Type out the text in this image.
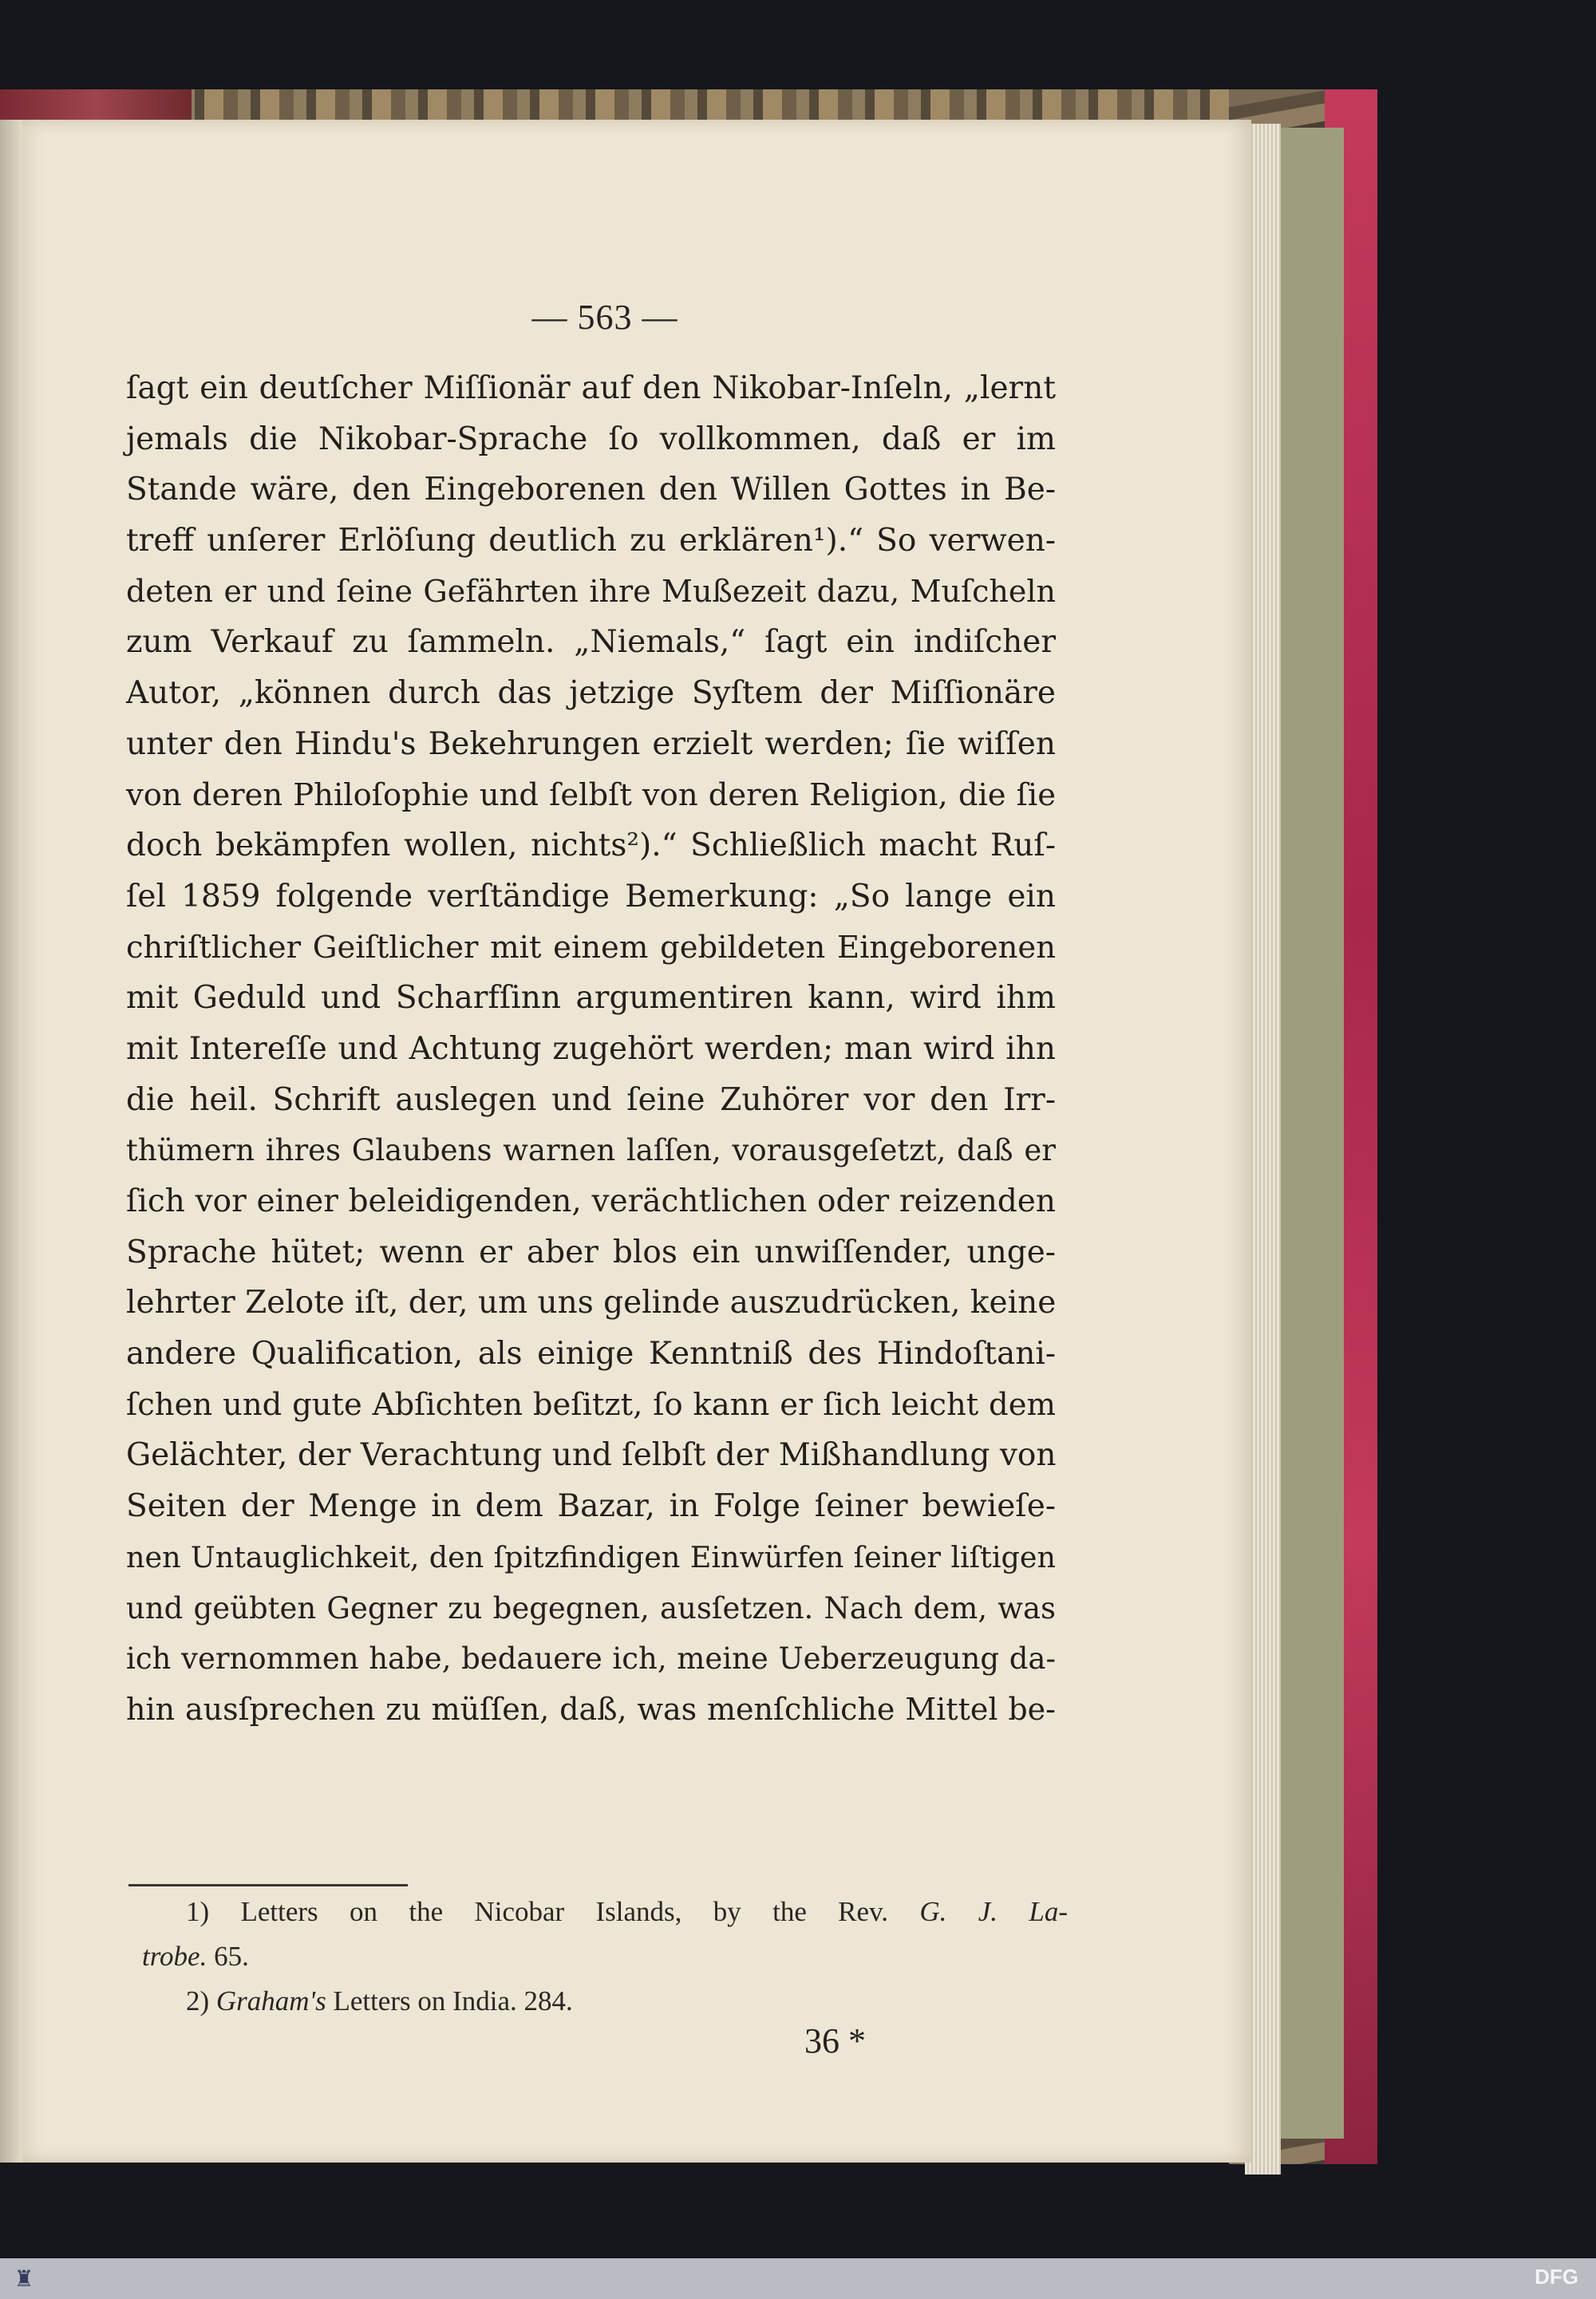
— 563 —
ſagt ein deutſcher Miſſionär auf den Nikobar-Inſeln, „lernt
jemals die Nikobar-Sprache ſo vollkommen, daß er im
Stande wäre, den Eingeborenen den Willen Gottes in Be-
treff unſerer Erlöſung deutlich zu erklären¹).“ So verwen-
deten er und ſeine Gefährten ihre Mußezeit dazu, Muſcheln
zum Verkauf zu ſammeln. „Niemals,“ ſagt ein indiſcher
Autor, „können durch das jetzige Syſtem der Miſſionäre
unter den Hindu's Bekehrungen erzielt werden; ſie wiſſen
von deren Philoſophie und ſelbſt von deren Religion, die ſie
doch bekämpfen wollen, nichts²).“ Schließlich macht Ruſ-
ſel 1859 folgende verſtändige Bemerkung: „So lange ein
chriſtlicher Geiſtlicher mit einem gebildeten Eingeborenen
mit Geduld und Scharfſinn argumentiren kann, wird ihm
mit Intereſſe und Achtung zugehört werden; man wird ihn
die heil. Schrift auslegen und ſeine Zuhörer vor den Irr-
thümern ihres Glaubens warnen laſſen, vorausgeſetzt, daß er
ſich vor einer beleidigenden, verächtlichen oder reizenden
Sprache hütet; wenn er aber blos ein unwiſſender, unge-
lehrter Zelote iſt, der, um uns gelinde auszudrücken, keine
andere Qualification, als einige Kenntniß des Hindoſtani-
ſchen und gute Abſichten beſitzt, ſo kann er ſich leicht dem
Gelächter, der Verachtung und ſelbſt der Mißhandlung von
Seiten der Menge in dem Bazar, in Folge ſeiner bewieſe-
nen Untauglichkeit, den ſpitzfindigen Einwürfen ſeiner liſtigen
und geübten Gegner zu begegnen, ausſetzen. Nach dem, was
ich vernommen habe, bedauere ich, meine Ueberzeugung da-
hin ausſprechen zu müſſen, daß, was menſchliche Mittel be-
1) Letters on the Nicobar Islands, by the Rev. G. J. La-
trobe. 65.
2) Graham's Letters on India. 284.
36 *
♜	DFG
